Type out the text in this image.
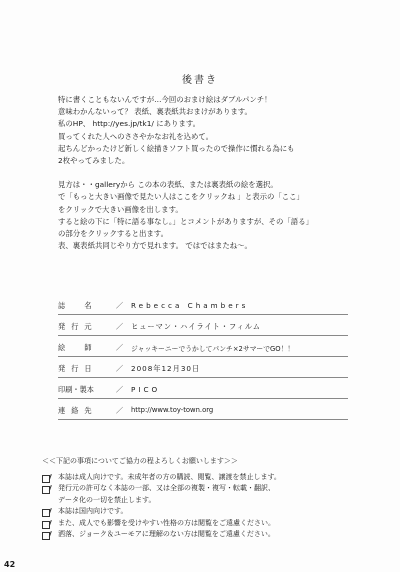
後書き

特に書くこともないんですが…今回のおまけ絵はダブルパンチ！

意味わかんないって？ 表紙、裏表紙共おまけがあります。

私のHP、 http://yes.jp/tk1/ にあります。

買ってくれた人へのささやかなお礼を込めて。

起ちんどかったけど新しく絵描きソフト買ったので操作に慣れる為にも

2枚やってみました。

見方は・・galleryから この本の表紙、または裏表紙の絵を選択。

で「もっと大きい画像で見たい人はここをクリックね 」と表示の「ここ」

をクリックで大きい画像を出します。

すると絵の下に「特に語る事なし。」とコメントがありますが、その「語る」

の部分をクリックすると出ます。

表、裏表紙共同じやり方で見れます。 ではではまたね〜。

誌　名	／ Rebecca Chambers
発行元	／ ヒューマン・ハイライト・フィルム
絵　師	／ ジャッキーニーでうかしてパンチ×2サマーでGO！！
発行日	／ 2008年12月30日
印刷・製本	／ PICO
連絡先	／ http://www.toy-town.org
＜＜下記の事項についてご協力の程よろしくお願いします＞＞
本誌は成人向けです。未成年者の方の購読、閲覧、譲渡を禁止します。
発行元の許可なく本誌の一部、又は全部の複製・複写・転載・翻訳、
データ化の一切を禁止します。
本誌は国内向けです。
また、成人でも影響を受けやすい性格の方は閲覧をご遠慮ください。
洒落、ジョーク＆ユーモアに理解のない方は閲覧をご遠慮ください。
42
